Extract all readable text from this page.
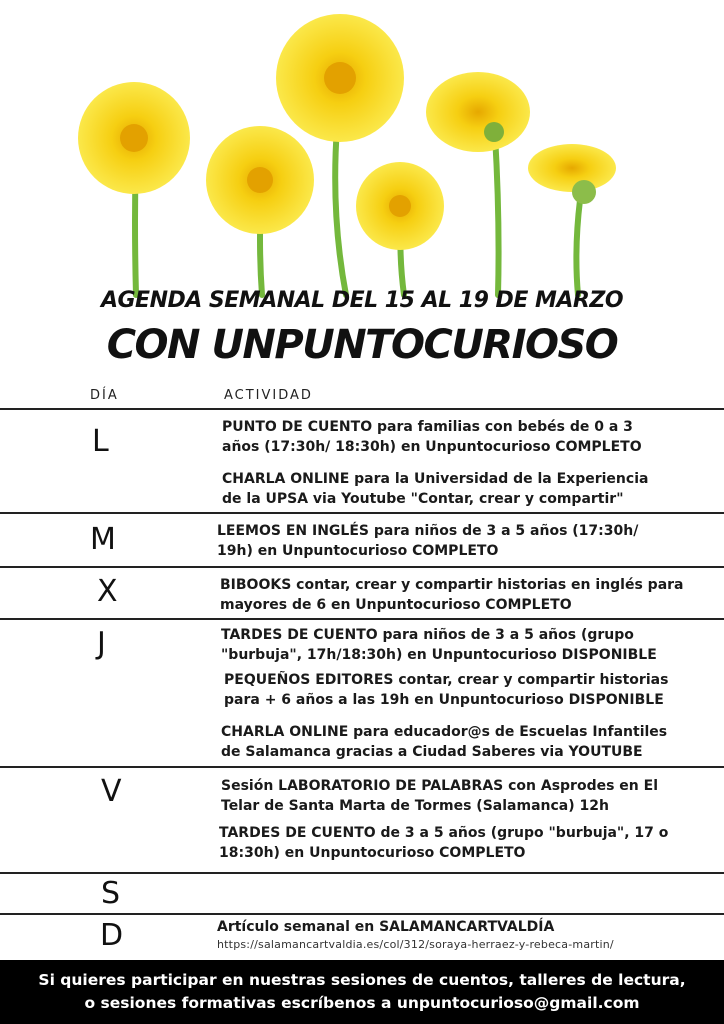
AGENDA SEMANAL DEL 15 AL 19 DE MARZO
CON UNPUNTOCURIOSO
DÍA	ACTIVIDAD
L	PUNTO DE CUENTO para familias con bebés de 0 a 3
años (17:30h/ 18:30h) en Unpuntocurioso COMPLETO
CHARLA ONLINE para la Universidad de la Experiencia
de la UPSA via Youtube "Contar, crear y compartir"
M	LEEMOS EN INGLÉS para niños de 3 a 5 años (17:30h/
19h) en Unpuntocurioso COMPLETO
X	BIBOOKS contar, crear y compartir historias en inglés para
mayores de 6 en Unpuntocurioso COMPLETO
J	TARDES DE CUENTO para niños de 3 a 5 años (grupo
"burbuja", 17h/18:30h) en Unpuntocurioso DISPONIBLE
PEQUEÑOS EDITORES contar, crear y compartir historias
para + 6 años a las 19h en Unpuntocurioso DISPONIBLE
CHARLA ONLINE para educador@s de Escuelas Infantiles
de Salamanca gracias a Ciudad Saberes via YOUTUBE
V	Sesión LABORATORIO DE PALABRAS con Asprodes en El
Telar de Santa Marta de Tormes (Salamanca) 12h
TARDES DE CUENTO de 3 a 5 años (grupo "burbuja", 17 o
18:30h) en Unpuntocurioso COMPLETO
S
D	Artículo semanal en SALAMANCARTVALDÍA
https://salamancartvaldia.es/col/312/soraya-herraez-y-rebeca-martin/
Si quieres participar en nuestras sesiones de cuentos, talleres de lectura,
o sesiones formativas escríbenos a unpuntocurioso@gmail.com
